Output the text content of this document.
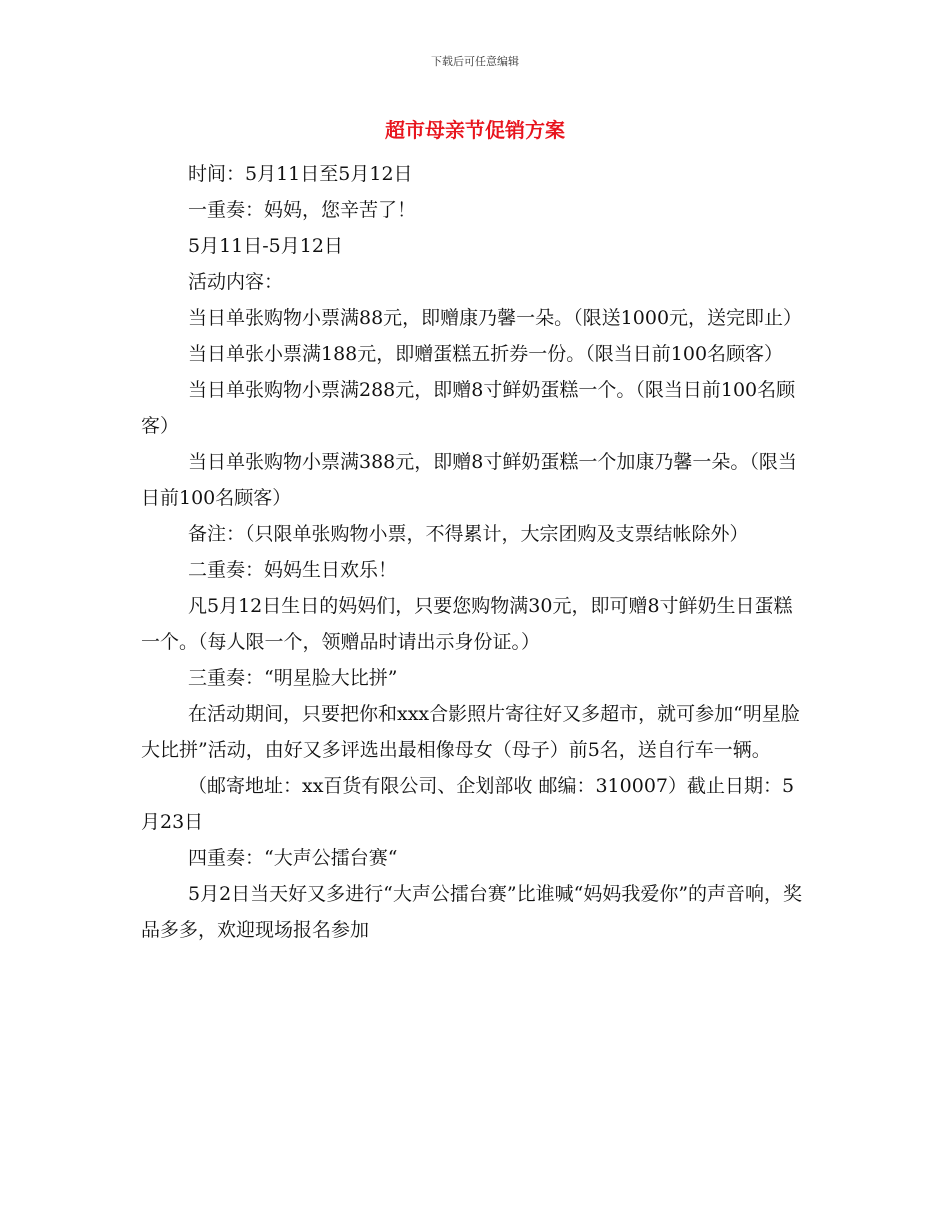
下载后可任意编辑
超市母亲节促销方案

时间：5月11日至5月12日

一重奏：妈妈，您辛苦了！

5月11日-5月12日

活动内容：

当日单张购物小票满88元，即赠康乃馨一朵。（限送1000元，送完即止）

当日单张小票满188元，即赠蛋糕五折券一份。（限当日前100名顾客）

当日单张购物小票满288元，即赠8寸鲜奶蛋糕一个。（限当日前100名顾客）

当日单张购物小票满388元，即赠8寸鲜奶蛋糕一个加康乃馨一朵。（限当日前100名顾客）

备注：（只限单张购物小票，不得累计，大宗团购及支票结帐除外）

二重奏：妈妈生日欢乐！

凡5月12日生日的妈妈们，只要您购物满30元，即可赠8寸鲜奶生日蛋糕一个。（每人限一个，领赠品时请出示身份证。）

三重奏：“明星脸大比拼”

在活动期间，只要把你和xxx合影照片寄往好又多超市，就可参加“明星脸大比拼”活动，由好又多评选出最相像母女（母子）前5名，送自行车一辆。

（邮寄地址：xx百货有限公司、企划部收 邮编：310007）截止日期：5月23日

四重奏：“大声公擂台赛“

5月2日当天好又多进行“大声公擂台赛”比谁喊“妈妈我爱你”的声音响，奖品多多，欢迎现场报名参加
